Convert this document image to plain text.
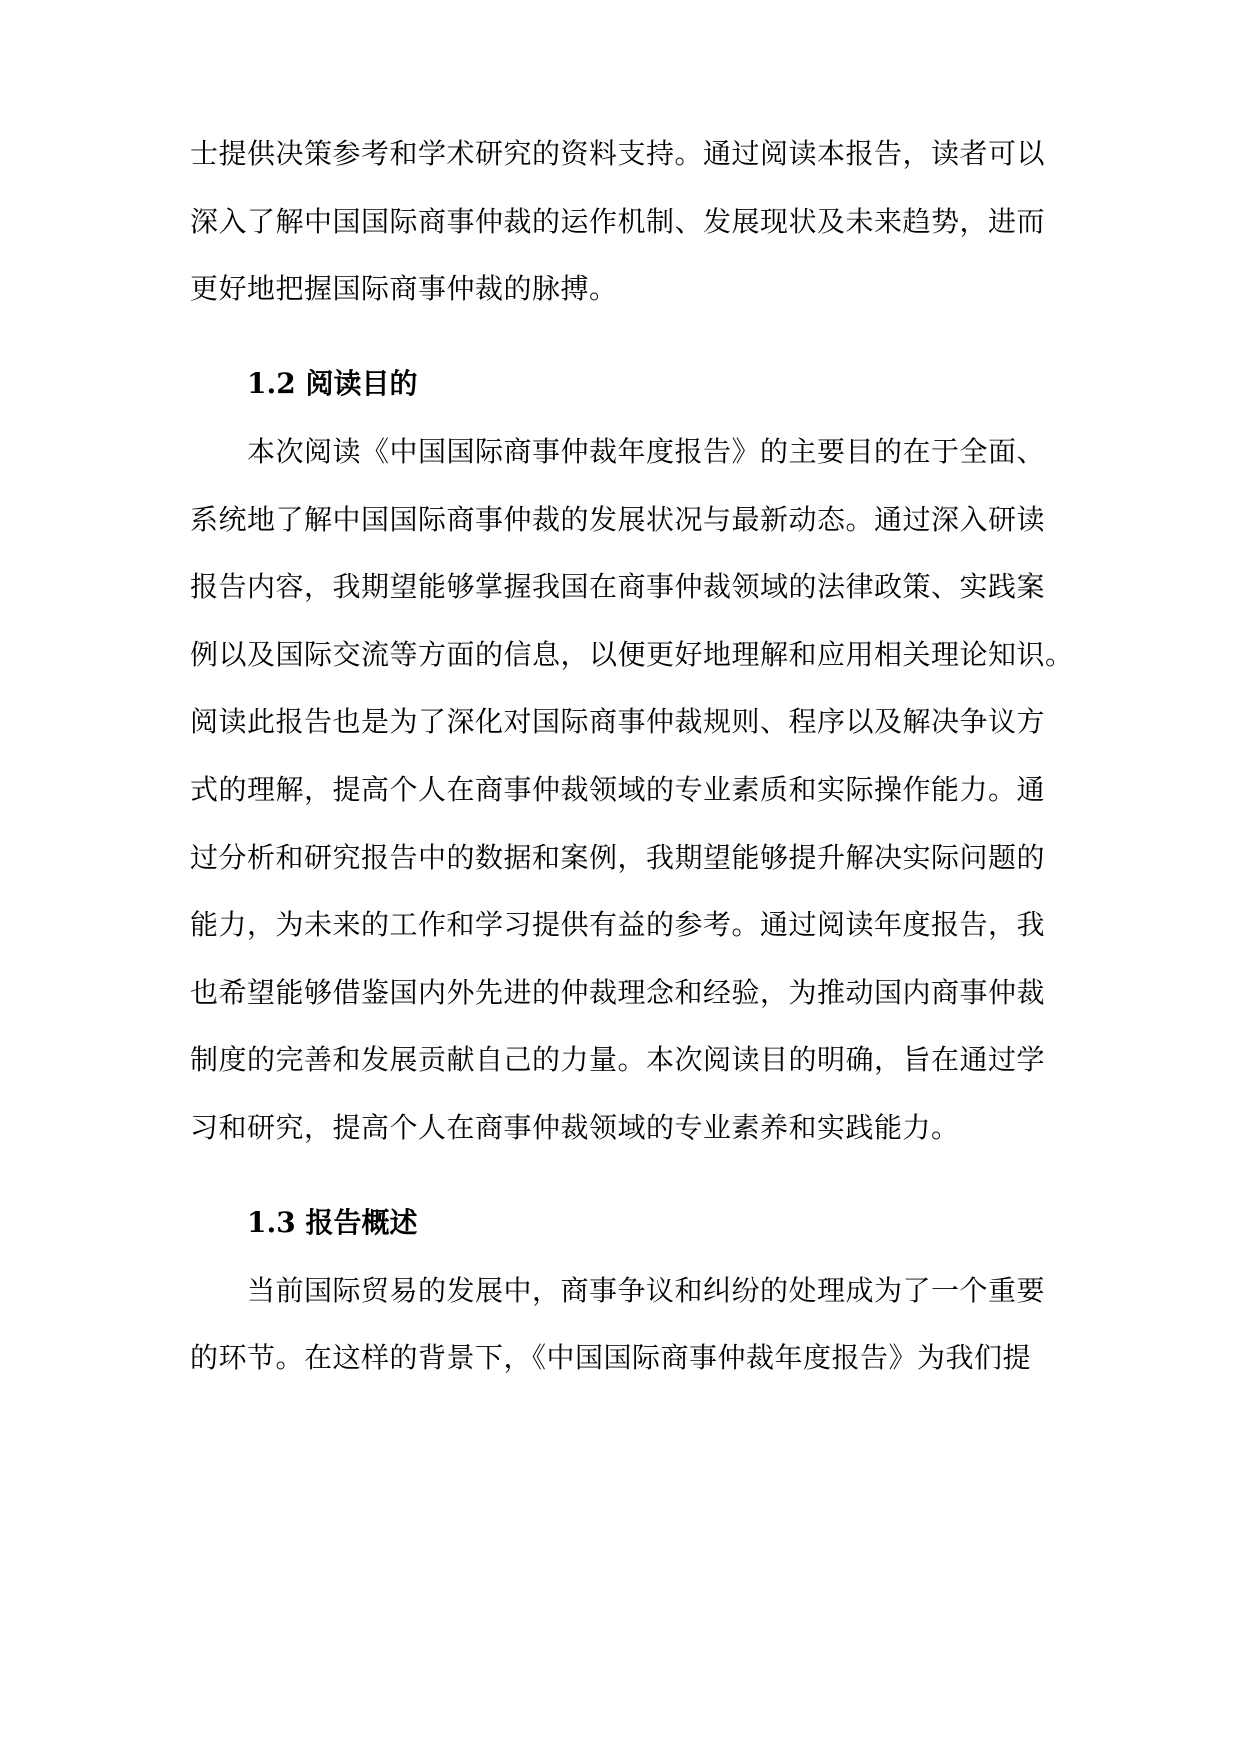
士提供决策参考和学术研究的资料支持。通过阅读本报告，读者可以
深入了解中国国际商事仲裁的运作机制、发展现状及未来趋势，进而
更好地把握国际商事仲裁的脉搏。
1.2 阅读目的
本次阅读《中国国际商事仲裁年度报告》的主要目的在于全面、
系统地了解中国国际商事仲裁的发展状况与最新动态。通过深入研读
报告内容，我期望能够掌握我国在商事仲裁领域的法律政策、实践案
例以及国际交流等方面的信息，以便更好地理解和应用相关理论知识。
阅读此报告也是为了深化对国际商事仲裁规则、程序以及解决争议方
式的理解，提高个人在商事仲裁领域的专业素质和实际操作能力。通
过分析和研究报告中的数据和案例，我期望能够提升解决实际问题的
能力，为未来的工作和学习提供有益的参考。通过阅读年度报告，我
也希望能够借鉴国内外先进的仲裁理念和经验，为推动国内商事仲裁
制度的完善和发展贡献自己的力量。本次阅读目的明确，旨在通过学
习和研究，提高个人在商事仲裁领域的专业素养和实践能力。
1.3 报告概述
当前国际贸易的发展中，商事争议和纠纷的处理成为了一个重要
的环节。在这样的背景下，《中国国际商事仲裁年度报告》为我们提
